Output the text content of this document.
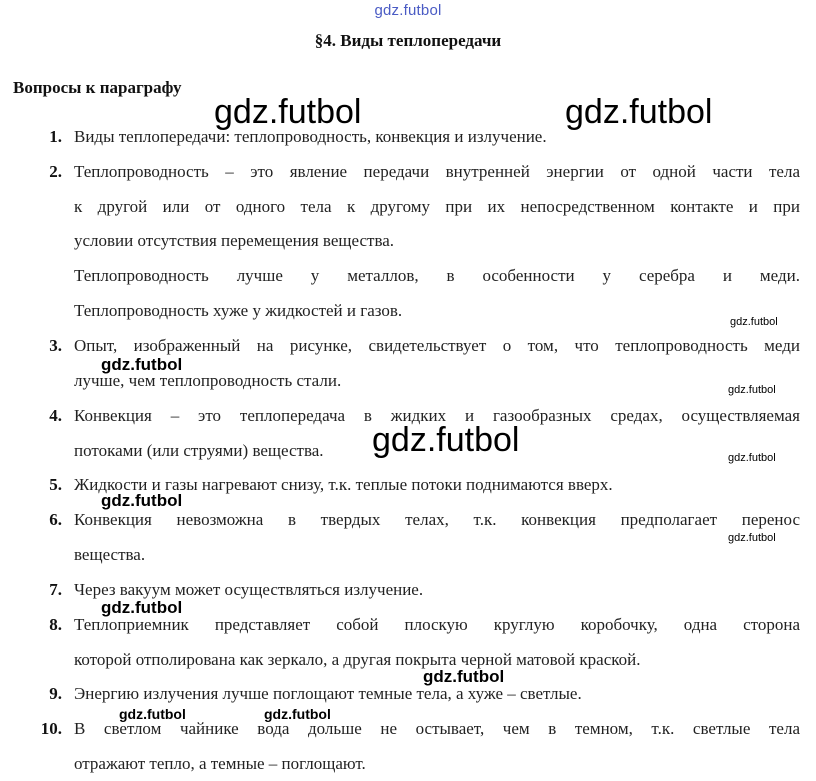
gdz.futbol
§4. Виды теплопередачи
Вопросы к параграфу
1. Виды теплопередачи: теплопроводность, конвекция и излучение.
2. Теплопроводность – это явление передачи внутренней энергии от одной части тела
к другой или от одного тела к другому при их непосредственном контакте и при
условии отсутствия перемещения вещества.
Теплопроводность лучше у металлов, в особенности у серебра и меди.
Теплопроводность хуже у жидкостей и газов.
3. Опыт, изображенный на рисунке, свидетельствует о том, что теплопроводность меди
лучше, чем теплопроводность стали.
4. Конвекция – это теплопередача в жидких и газообразных средах, осуществляемая
потоками (или струями) вещества.
5. Жидкости и газы нагревают снизу, т.к. теплые потоки поднимаются вверх.
6. Конвекция невозможна в твердых телах, т.к. конвекция предполагает перенос
вещества.
7. Через вакуум может осуществляться излучение.
8. Теплоприемник представляет собой плоскую круглую коробочку, одна сторона
которой отполирована как зеркало, а другая покрыта черной матовой краской.
9. Энергию излучения лучше поглощают темные тела, а хуже – светлые.
10. В светлом чайнике вода дольше не остывает, чем в темном, т.к. светлые тела
отражают тепло, а темные – поглощают.
gdz.futbol	gdz.futbol
gdz.futbol
gdz.futbol
gdz.futbol
gdz.futbol
gdz.futbol
gdz.futbol	gdz.futbol
gdz.futbol
gdz.futbol
gdz.futbol
gdz.futbol
